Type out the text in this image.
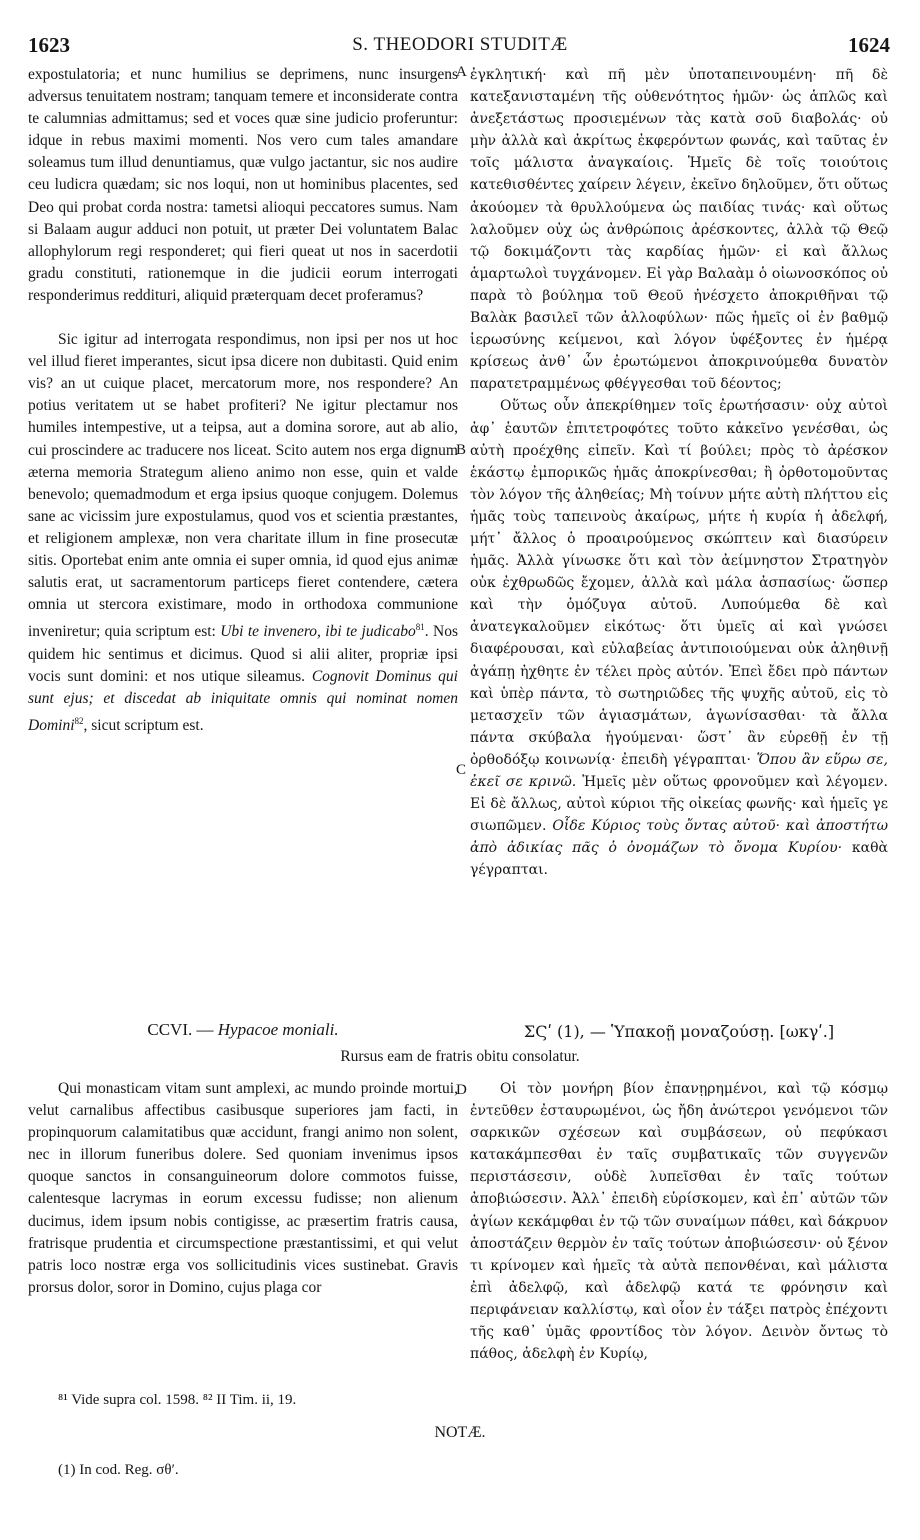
1623	S. THEODORI STUDITÆ	1624

expostulatoria; et nunc humilius se deprimens, nunc insurgens adversus tenuitatem nostram; tanquam temere et inconsiderate contra te calumnias admittamus; sed et voces quæ sine judicio proferuntur: idque in rebus maximi momenti. Nos vero cum tales amandare soleamus tum illud denuntiamus, quæ vulgo jactantur, sic nos audire ceu ludicra quædam; sic nos loqui, non ut hominibus placentes, sed Deo qui probat corda nostra: tametsi alioqui peccatores sumus. Nam si Balaam augur adduci non potuit, ut præter Dei voluntatem Balac allophylorum regi responderet; qui fieri queat ut nos in sacerdotii gradu constituti, rationemque in die judicii eorum interrogati responderimus reddituri, aliquid præterquam decet proferamus?

Sic igitur ad interrogata respondimus, non ipsi per nos ut hoc vel illud fieret imperantes, sicut ipsa dicere non dubitasti. Quid enim vis? an ut cuique placet, mercatorum more, nos respondere? An potius veritatem ut se habet profiteri? Ne igitur plectamur nos humiles intempestive, ut a teipsa, aut a domina sorore, aut ab alio, cui proscindere ac traducere nos liceat. Scito autem nos erga dignum æterna memoria Strategum alieno animo non esse, quin et valde benevolo; quemadmodum et erga ipsius quoque conjugem. Dolemus sane ac vicissim jure expostulamus, quod vos et scientia præstantes, et religionem amplexæ, non vera charitate illum in fine prosecutæ sitis. Oportebat enim ante omnia ei super omnia, id quod ejus animæ salutis erat, ut sacramentorum particeps fieret contendere, cætera omnia ut stercora existimare, modo in orthodoxa communione inveniretur; quia scriptum est: Ubi te invenero, ibi te judicabo$^{81}$. Nos quidem hic sentimus et dicimus. Quod si alii aliter, propriæ ipsi vocis sunt domini: et nos utique sileamus. Cognovit Dominus qui sunt ejus; et discedat ab iniquitate omnis qui nominat nomen Domini$^{82}$, sicut scriptum est.

A
B
C
D

ἐγκλητική· καὶ πῆ μὲν ὑποταπεινουμένη· πῆ δὲ κατεξανισταμένη τῆς οὐθενότητος ἡμῶν· ὡς ἁπλῶς καὶ ἀνεξετάστως προσιεμένων τὰς κατὰ σοῦ διαβολάς· οὐ μὴν ἀλλὰ καὶ ἀκρίτως ἐκφερόντων φωνάς, καὶ ταῦτας ἐν τοῖς μάλιστα ἀναγκαίοις. Ἡμεῖς δὲ τοῖς τοιούτοις κατεθισθέντες χαίρειν λέγειν, ἐκεῖνο δηλοῦμεν, ὅτι οὕτως ἀκούομεν τὰ θρυλλούμενα ὡς παιδίας τινάς· καὶ οὕτως λαλοῦμεν οὐχ ὡς ἀνθρώποις ἀρέσκοντες, ἀλλὰ τῷ Θεῷ τῷ δοκιμάζοντι τὰς καρδίας ἡμῶν· εἰ καὶ ἄλλως ἁμαρτωλοὶ τυγχάνομεν. Εἰ γὰρ Βαλαὰμ ὁ οἰωνοσκόπος οὐ παρὰ τὸ βούλημα τοῦ Θεοῦ ἠνέσχετο ἀποκριθῆναι τῷ Βαλὰκ βασιλεῖ τῶν ἀλλοφύλων· πῶς ἡμεῖς οἱ ἐν βαθμῷ ἱερωσύνης κείμενοι, καὶ λόγον ὑφέξοντες ἐν ἡμέρᾳ κρίσεως ἀνθ᾽ ὧν ἐρωτώμενοι ἀποκρινούμεθα δυνατὸν παρατετραμμένως φθέγγεσθαι τοῦ δέοντος;

Οὕτως οὖν ἀπεκρίθημεν τοῖς ἐρωτήσασιν· οὐχ αὐτοὶ ἀφ᾽ ἑαυτῶν ἐπιτετροφότες τοῦτο κἀκεῖνο γενέσθαι, ὡς αὐτὴ προέχθης εἰπεῖν. Καὶ τί βούλει; πρὸς τὸ ἀρέσκον ἑκάστῳ ἐμπορικῶς ἡμᾶς ἀποκρίνεσθαι; ἢ ὀρθοτομοῦντας τὸν λόγον τῆς ἀληθείας; Μὴ τοίνυν μήτε αὐτὴ πλήττου εἰς ἡμᾶς τοὺς ταπεινοὺς ἀκαίρως, μήτε ἡ κυρία ἡ ἀδελφή, μήτ᾽ ἄλλος ὁ προαιρούμενος σκώπτειν καὶ διασύρειν ἡμᾶς. Ἀλλὰ γίνωσκε ὅτι καὶ τὸν ἀείμνηστον Στρατηγὸν οὐκ ἐχθρωδῶς ἔχομεν, ἀλλὰ καὶ μάλα ἀσπασίως· ὥσπερ καὶ τὴν ὁμόζυγα αὐτοῦ. Λυπούμεθα δὲ καὶ ἀνατεγκαλοῦμεν εἰκότως· ὅτι ὑμεῖς αἱ καὶ γνώσει διαφέρουσαι, καὶ εὐλαβείας ἀντιποιούμεναι οὐκ ἀληθινῇ ἀγάπῃ ἠχθητε ἐν τέλει πρὸς αὐτόν. Ἐπεὶ ἔδει πρὸ πάντων καὶ ὑπὲρ πάντα, τὸ σωτηριῶδες τῆς ψυχῆς αὐτοῦ, εἰς τὸ μετασχεῖν τῶν ἁγιασμάτων, ἀγωνίσασθαι· τὰ ἄλλα πάντα σκύβαλα ἡγούμεναι· ὥστ᾽ ἂν εὑρεθῇ ἐν τῇ ὀρθοδόξῳ κοινωνίᾳ· ἐπειδὴ γέγραπται· Ὅπου ἂν εὕρω σε, ἐκεῖ σε κρινῶ. Ἡμεῖς μὲν οὕτως φρονοῦμεν καὶ λέγομεν. Εἰ δὲ ἄλλως, αὐτοὶ κύριοι τῆς οἰκείας φωνῆς· καὶ ἡμεῖς γε σιωπῶμεν. Οἶδε Κύριος τοὺς ὄντας αὐτοῦ· καὶ ἀποστήτω ἀπὸ ἀδικίας πᾶς ὁ ὀνομάζων τὸ ὄνομα Κυρίου· καθὰ γέγραπται.

CCVI. — Hypacoe moniali.	ΣϚʹ (1), — Ὑπακοῇ μοναζούσῃ. [ωκγʹ.]
Rursus eam de fratris obitu consolatur.

Qui monasticam vitam sunt amplexi, ac mundo proinde mortui, velut carnalibus affectibus casibusque superiores jam facti, in propinquorum calamitatibus quæ accidunt, frangi animo non solent, nec in illorum funeribus dolere. Sed quoniam invenimus ipsos quoque sanctos in consanguineorum dolore commotos fuisse, calentesque lacrymas in eorum excessu fudisse; non alienum ducimus, idem ipsum nobis contigisse, ac præsertim fratris causa, fratrisque prudentia et circumspectione præstantissimi, et qui velut patris loco nostræ erga vos sollicitudinis vices sustinebat. Gravis prorsus dolor, soror in Domino, cujus plaga cor

Οἱ τὸν μονήρη βίον ἐπανῃρημένοι, καὶ τῷ κόσμῳ ἐντεῦθεν ἐσταυρωμένοι, ὡς ἤδη ἀνώτεροι γενόμενοι τῶν σαρκικῶν σχέσεων καὶ συμβάσεων, οὐ πεφύκασι κατακάμπεσθαι ἐν ταῖς συμβατικαῖς τῶν συγγενῶν περιστάσεσιν, οὐδὲ λυπεῖσθαι ἐν ταῖς τούτων ἀποβιώσεσιν. Ἀλλ᾽ ἐπειδὴ εὑρίσκομεν, καὶ ἐπ᾽ αὐτῶν τῶν ἁγίων κεκάμφθαι ἐν τῷ τῶν συναίμων πάθει, καὶ δάκρυον ἀποστάζειν θερμὸν ἐν ταῖς τούτων ἀποβιώσεσιν· οὐ ξένον τι κρίνομεν καὶ ἡμεῖς τὰ αὐτὰ πεπονθέναι, καὶ μάλιστα ἐπὶ ἀδελφῷ, καὶ ἀδελφῷ κατά τε φρόνησιν καὶ περιφάνειαν καλλίστῳ, καὶ οἷον ἐν τάξει πατρὸς ἐπέχοντι τῆς καθ᾽ ὑμᾶς φροντίδος τὸν λόγον. Δεινὸν ὄντως τὸ πάθος, ἀδελφὴ ἐν Κυρίῳ,

⁸¹ Vide supra col. 1598. ⁸² II Tim. ii, 19.
NOTÆ.
(1) In cod. Reg. σθʹ.
